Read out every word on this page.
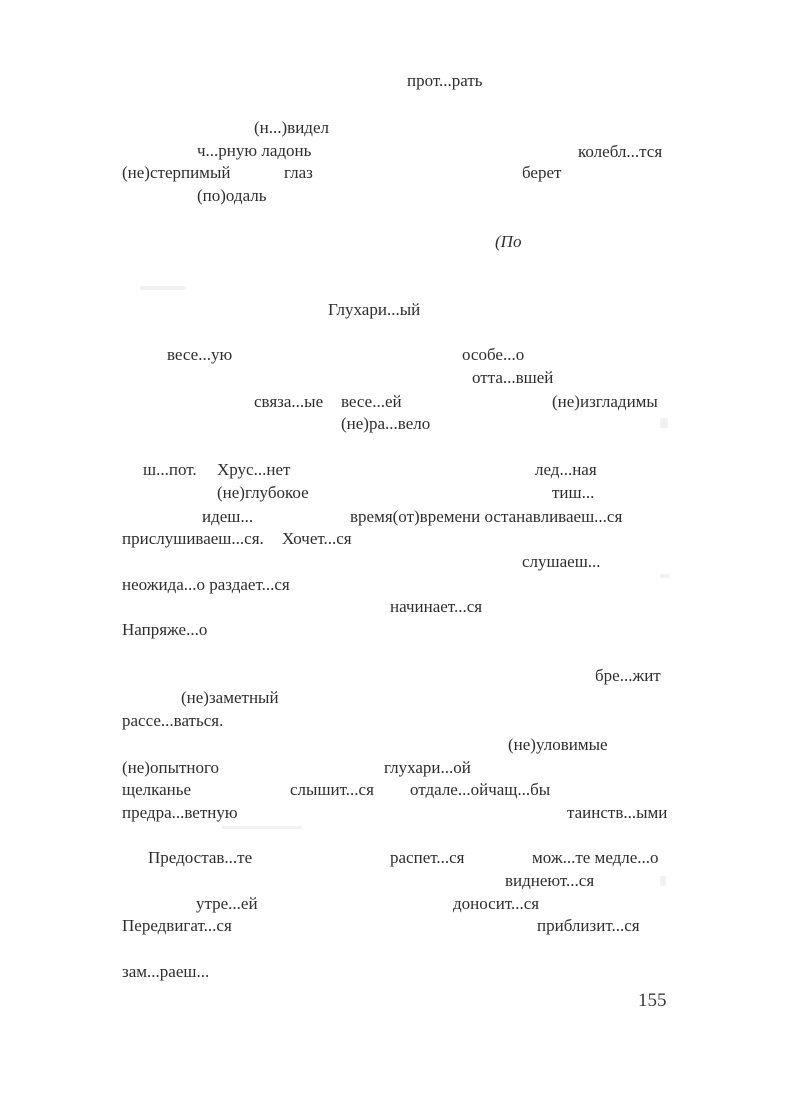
прот...рать
(н...)видел
ч...рную ладонь	колебл...тся
(не)стерпимый	глаз	берет
(по)одаль
(По
Глухари...ый
весе...ую	особе...о
отта...вшей
связа...ые весе...ей	(не)изгладимы
(не)ра...вело
ш...пот. Хрус...нет	лед...ная
(не)глубокое	тиш...
идеш...	время(от)времени останавливаеш...ся
прислушиваеш...ся. Хочет...ся
слушаеш...
неожида...о раздает...ся
начинает...ся
Напряже...о
бре...жит
(не)заметный
рассе...ваться.
(не)уловимые
(не)опытного	глухари...ой
щелканье	слышит...ся отдале...ойчащ...бы
предра...ветную	таинств...ыми
Предостав...те	распет...ся	мож...те медле...о
виднеют...ся
утре...ей	доносит...ся
Передвигат...ся	приблизит...ся
зам...раеш...
155
